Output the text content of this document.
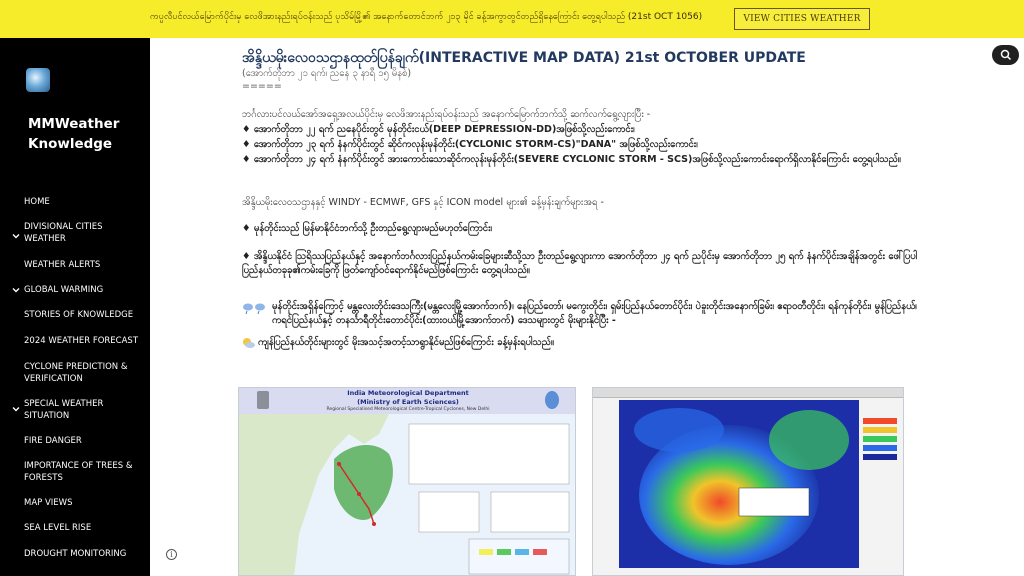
ကပ္ပလီပင်လယ်မြောက်ပိုင်းမှ လေဖိအားနည်းရပ်ဝန်းသည် ပုသိမ်မြို့၏ အနောက်တောင်ဘက် ၂၁၃ မိုင် ခန့်အကွာတွင်တည်ရှိနေကြောင်း တွေ့ရပါသည် (21st OCT 1056)	VIEW CITIES WEATHER
MMWeather Knowledge
HOME
DIVISIONAL CITIES WEATHER
WEATHER ALERTS
GLOBAL WARMING
STORIES OF KNOWLEDGE
2024 WEATHER FORECAST
CYCLONE PREDICTION & VERIFICATION
SPECIAL WEATHER SITUATION
FIRE DANGER
IMPORTANCE OF TREES & FORESTS
MAP VIEWS
SEA LEVEL RISE
DROUGHT MONITORING
အိန္ဒိယမိုးလေဝသဌာနထုတ်ပြန်ချက်(INTERACTIVE MAP DATA) 21st OCTOBER UPDATE
(အောက်တိုဘာ ၂၁ ရက်၊ ညနေ ၃ နာရီ ၁၅ မိနစ်)
=====
ဘင်္ဂလားပင်လယ်အော်အရှေ့အလယ်ပိုင်းမှ လေဖိအားနည်းရပ်ဝန်းသည် အနောက်မြောက်ဘက်သို့ ဆက်လက်ရွေ့လျားပြီး -
♦ အောက်တိုဘာ ၂၂ ရက် ညနေပိုင်းတွင် မုန်တိုင်းငယ်(DEEP DEPRESSION-DD)အဖြစ်သို့လည်းကောင်း၊
♦ အောက်တိုဘာ ၂၃ ရက် နံနက်ပိုင်းတွင် ဆိုင်ကလုန်းမုန်တိုင်း(CYCLONIC STORM-CS)"DANA" အဖြစ်သို့လည်းကောင်း၊
♦ အောက်တိုဘာ ၂၄ ရက် နံနက်ပိုင်းတွင် အားကောင်းသောဆိုင်ကလုန်းမုန်တိုင်း(SEVERE CYCLONIC STORM - SCS)အဖြစ်သို့လည်းကောင်းရောက်ရှိလာနိုင်ကြောင်း တွေ့ရပါသည်။
အိန္ဒိယမိုးလေဝသဌာနနှင့် WINDY - ECMWF, GFS နှင့် ICON model များ၏ ခန့်မှန်းချက်များအရ -
♦ မုန်တိုင်းသည် မြန်မာနိုင်ငံဘက်သို့ ဦးတည်ရွေ့လျားမည်မဟုတ်ကြောင်း၊
♦ အိန္ဒိယနိုင်ငံ ဩရိဿပြည်နယ်နှင့် အနောက်ဘင်္ဂလားပြည်နယ်ကမ်းခြေများဆီသို့သာ ဦးတည်ရွေ့လျားကာ အောက်တိုဘာ ၂၄ ရက် ညပိုင်းမှ အောက်တိုဘာ ၂၅ ရက် နံနက်ပိုင်းအချိန်အတွင်း ဖေါ်ပြပါပြည်နယ်တခုခု၏ကမ်းခြေကို ဖြတ်ကျော်ဝင်ရောက်နိုင်မည်ဖြစ်ကြောင်း တွေ့ရပါသည်။
မုန်တိုင်းအရှိန်ကြောင့် မန္တလေးတိုင်းဒေသကြီး(မန္တလေးမြို့အောက်ဘက်)၊ နေပြည်တော်၊ မကွေးတိုင်း၊ ရှမ်းပြည်နယ်တောင်ပိုင်း၊ ပဲခူးတိုင်းအနောက်ခြမ်း၊ ဧရာဝတီတိုင်း၊ ရန်ကုန်တိုင်း၊ မွန်ပြည်နယ်၊ ကရင်ပြည်နယ်နှင့် တနင်္သာရီတိုင်းတောင်ပိုင်း(ထားဝယ်မြို့အောက်ဘက်) ဒေသများတွင် မိုးများနိုင်ပြီး -
ကျန်ပြည်နယ်တိုင်းများတွင် မိုးအသင့်အတင့်သာရွာနိုင်မည်ဖြစ်ကြောင်း ခန့်မှန်းရပါသည်။
i
India Meteorological Department
(Ministry of Earth Sciences)
Regional Specialised Meteorological Centre-Tropical Cyclones, New Delhi
